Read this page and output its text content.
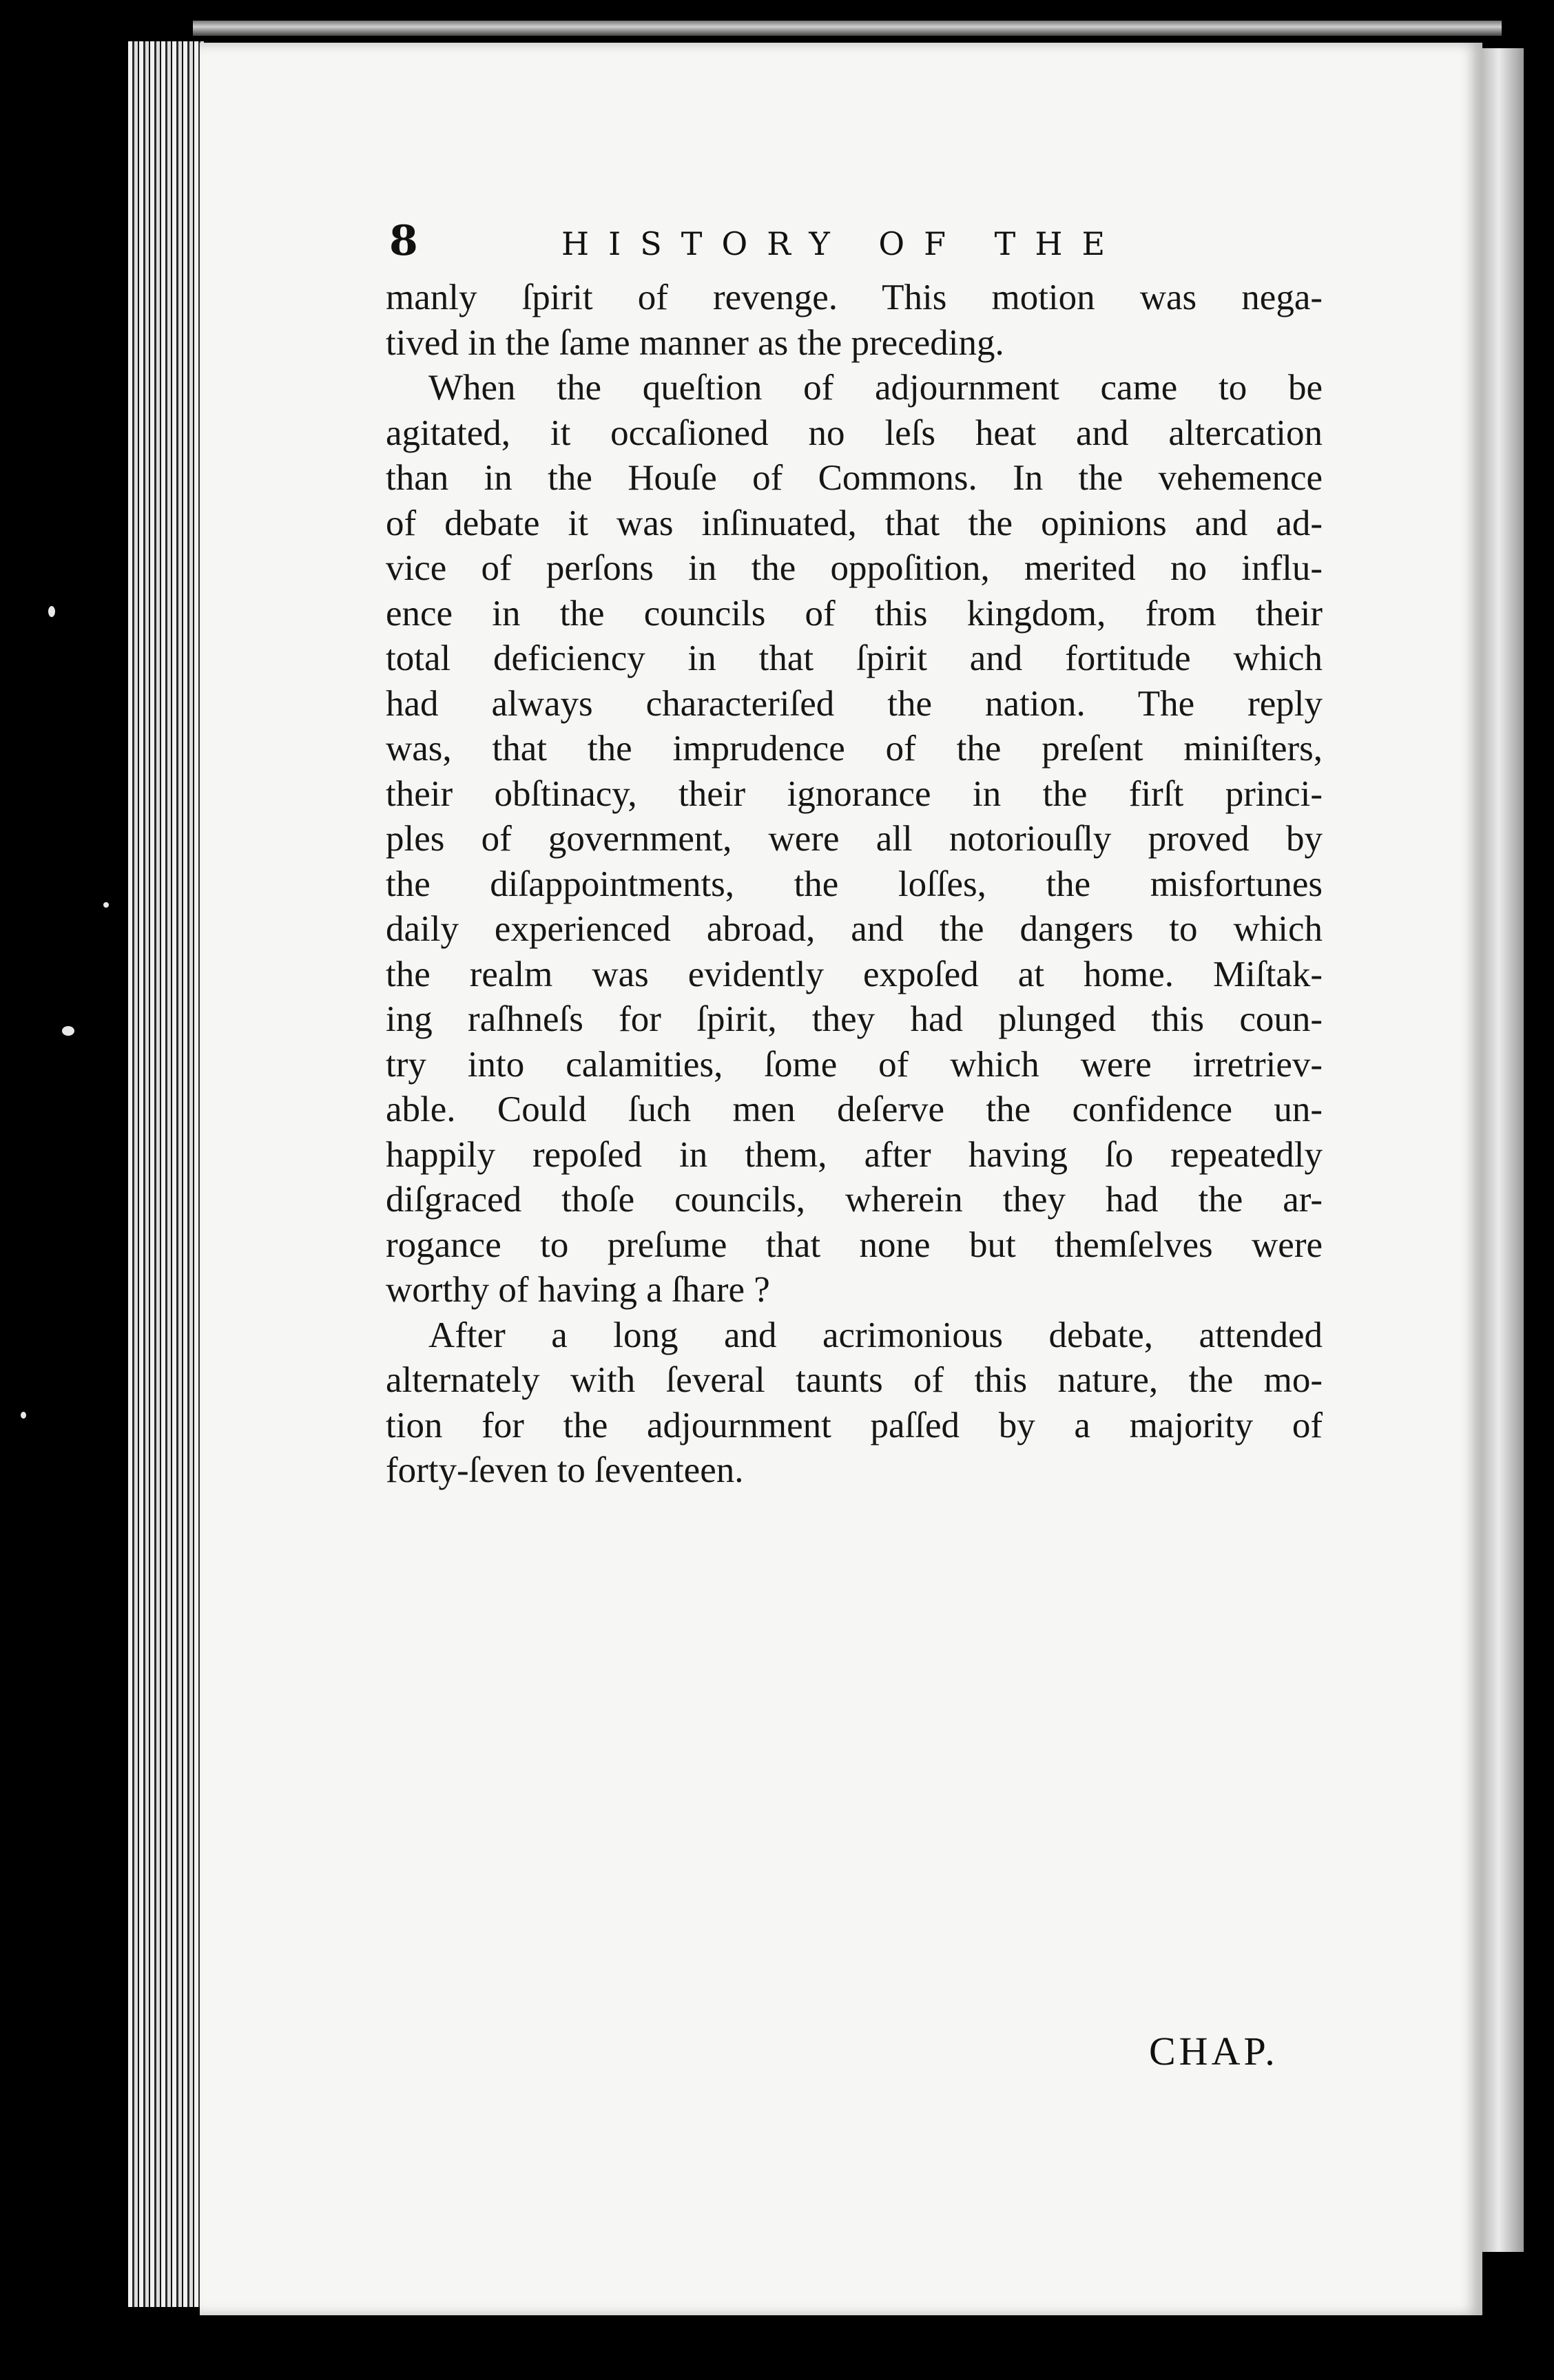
8	HISTORY OF THE
manly ſpirit of revenge. This motion was nega-
tived in the ſame manner as the preceding.
When the queſtion of adjournment came to be
agitated, it occaſioned no leſs heat and altercation
than in the Houſe of Commons. In the vehemence
of debate it was inſinuated, that the opinions and ad-
vice of perſons in the oppoſition, merited no influ-
ence in the councils of this kingdom, from their
total deficiency in that ſpirit and fortitude which
had always characteriſed the nation. The reply
was, that the imprudence of the preſent miniſters,
their obſtinacy, their ignorance in the firſt princi-
ples of government, were all notoriouſly proved by
the diſappointments, the loſſes, the misfortunes
daily experienced abroad, and the dangers to which
the realm was evidently expoſed at home. Miſtak-
ing raſhneſs for ſpirit, they had plunged this coun-
try into calamities, ſome of which were irretriev-
able. Could ſuch men deſerve the confidence un-
happily repoſed in them, after having ſo repeatedly
diſgraced thoſe councils, wherein they had the ar-
rogance to preſume that none but themſelves were
worthy of having a ſhare ?
After a long and acrimonious debate, attended
alternately with ſeveral taunts of this nature, the mo-
tion for the adjournment paſſed by a majority of
forty-ſeven to ſeventeen.
CHAP.
